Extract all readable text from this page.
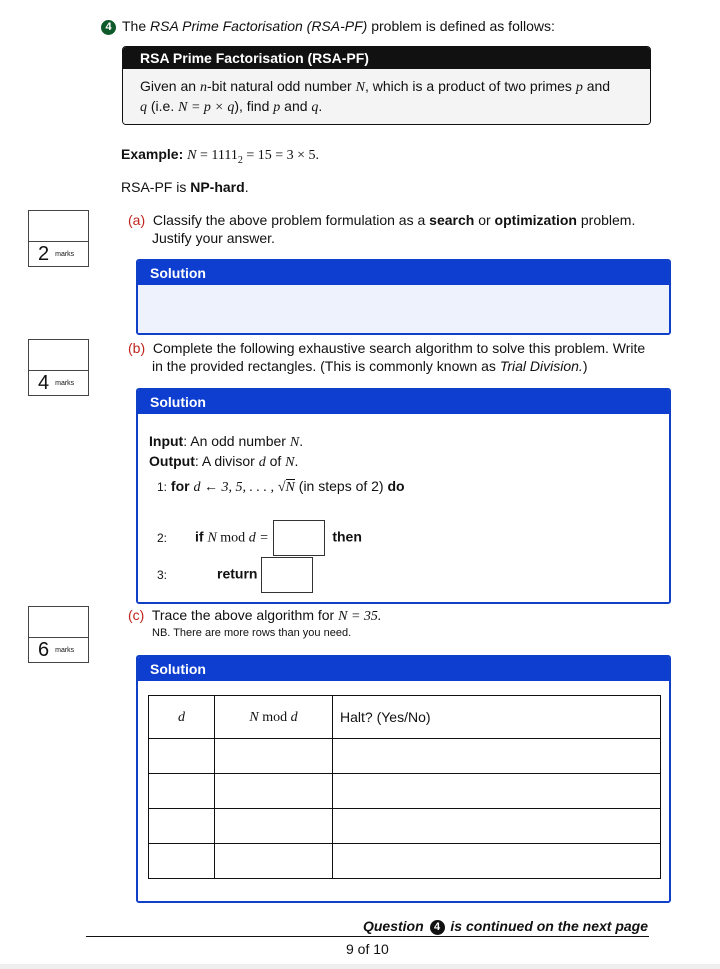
4 The RSA Prime Factorisation (RSA-PF) problem is defined as follows:
RSA Prime Factorisation (RSA-PF)
Given an n-bit natural odd number N, which is a product of two primes p and
q (i.e. N = p × q), find p and q.
Example: $N = 1111_2 = 15 = 3 \times 5$.
RSA-PF is NP-hard.
2 marks
(a) Classify the above problem formulation as a search or optimization problem.
Justify your answer.
Solution
4 marks
(b) Complete the following exhaustive search algorithm to solve this problem. Write
in the provided rectangles. (This is commonly known as Trial Division.)
Solution
Input: An odd number N.
Output: A divisor d of N.
1: for d ← 3, 5, . . . , √N (in steps of 2) do
2: if N mod d =	then
3:	return
6 marks
(c) Trace the above algorithm for N = 35.
NB. There are more rows than you need.
Solution
d	N mod d	Halt? (Yes/No)

Question 4 is continued on the next page
9 of 10
